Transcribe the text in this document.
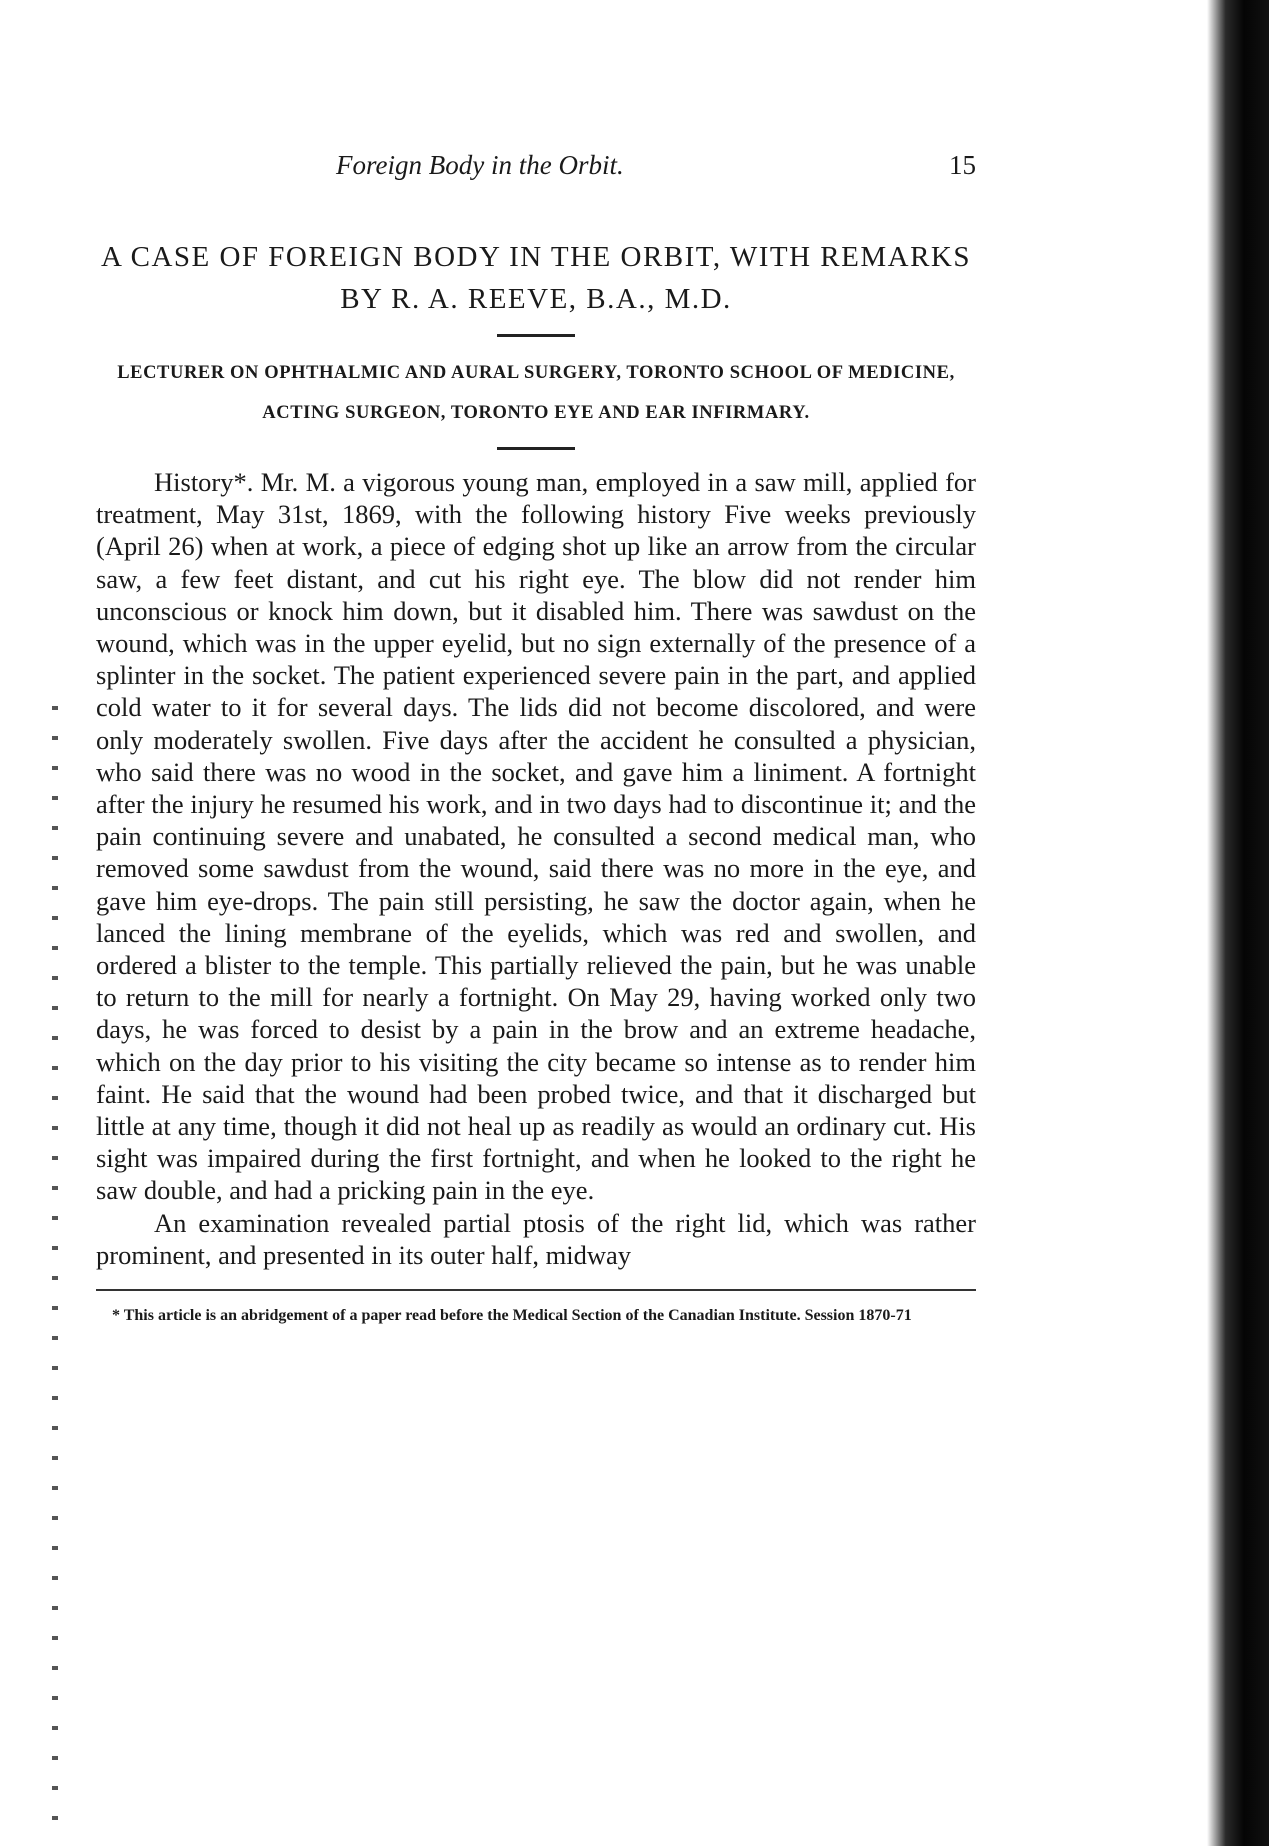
Foreign Body in the Orbit.	15
A CASE OF FOREIGN BODY IN THE ORBIT, WITH REMARKS BY R. A. REEVE, B.A., M.D.
LECTURER ON OPHTHALMIC AND AURAL SURGERY, TORONTO SCHOOL OF MEDICINE, ACTING SURGEON, TORONTO EYE AND EAR INFIRMARY.

History*. Mr. M. a vigorous young man, employed in a saw mill, applied for treatment, May 31st, 1869, with the following history Five weeks previously (April 26) when at work, a piece of edging shot up like an arrow from the circular saw, a few feet distant, and cut his right eye. The blow did not render him unconscious or knock him down, but it disabled him. There was sawdust on the wound, which was in the upper eyelid, but no sign externally of the presence of a splinter in the socket. The patient experienced severe pain in the part, and applied cold water to it for several days. The lids did not become discolored, and were only moderately swollen. Five days after the accident he consulted a physician, who said there was no wood in the socket, and gave him a liniment. A fortnight after the injury he resumed his work, and in two days had to discontinue it; and the pain continuing severe and unabated, he consulted a second medical man, who removed some sawdust from the wound, said there was no more in the eye, and gave him eye-drops. The pain still persisting, he saw the doctor again, when he lanced the lining membrane of the eyelids, which was red and swollen, and ordered a blister to the temple. This partially relieved the pain, but he was unable to return to the mill for nearly a fortnight. On May 29, having worked only two days, he was forced to desist by a pain in the brow and an extreme headache, which on the day prior to his visiting the city became so intense as to render him faint. He said that the wound had been probed twice, and that it discharged but little at any time, though it did not heal up as readily as would an ordinary cut. His sight was impaired during the first fortnight, and when he looked to the right he saw double, and had a pricking pain in the eye.

An examination revealed partial ptosis of the right lid, which was rather prominent, and presented in its outer half, midway

* This article is an abridgement of a paper read before the Medical Section of the Canadian Institute. Session 1870-71
